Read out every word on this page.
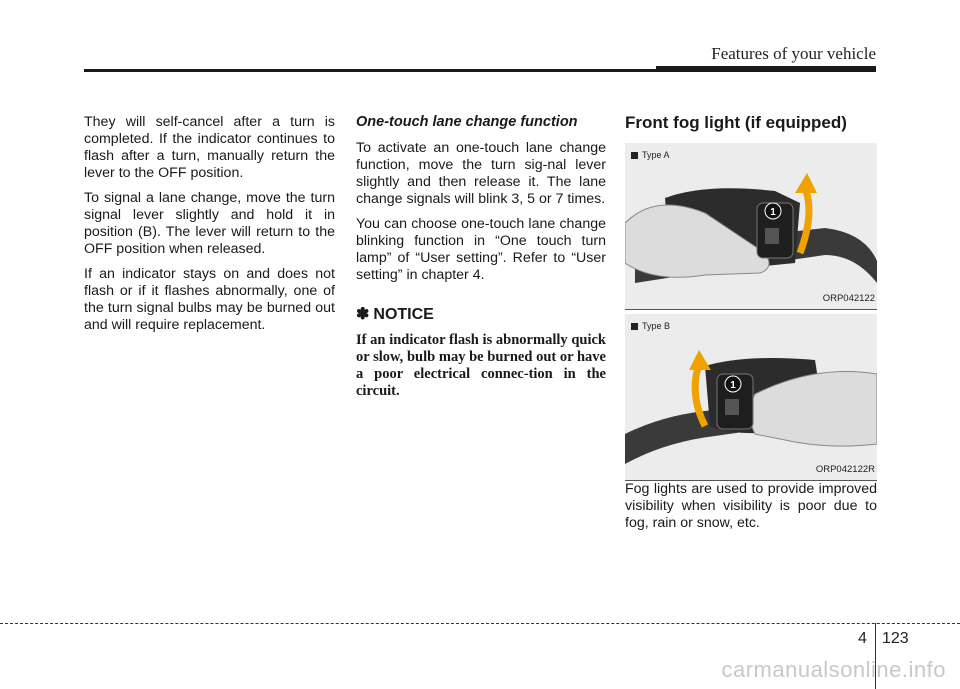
Features of your vehicle

They will self-cancel after a turn is completed. If the indicator continues to flash after a turn, manually return the lever to the OFF position.

To signal a lane change, move the turn signal lever slightly and hold it in position (B). The lever will return to the OFF position when released.

If an indicator stays on and does not flash or if it flashes abnormally, one of the turn signal bulbs may be burned out and will require replacement.

One-touch lane change function

To activate an one-touch lane change function, move the turn sig-nal lever slightly and then release it. The lane change signals will blink 3, 5 or 7 times.

You can choose one-touch lane change blinking function in “One touch turn lamp” of “User setting”. Refer to “User setting” in chapter 4.

✽ NOTICE
If an indicator flash is abnormally quick or slow, bulb may be burned out or have a poor electrical connec-tion in the circuit.
Front fog light (if equipped)
1
Type A
ORP042122
1
Type B
ORP042122R

Fog lights are used to provide improved visibility when visibility is poor due to fog, rain or snow, etc.

4 123
carmanualsonline.info
